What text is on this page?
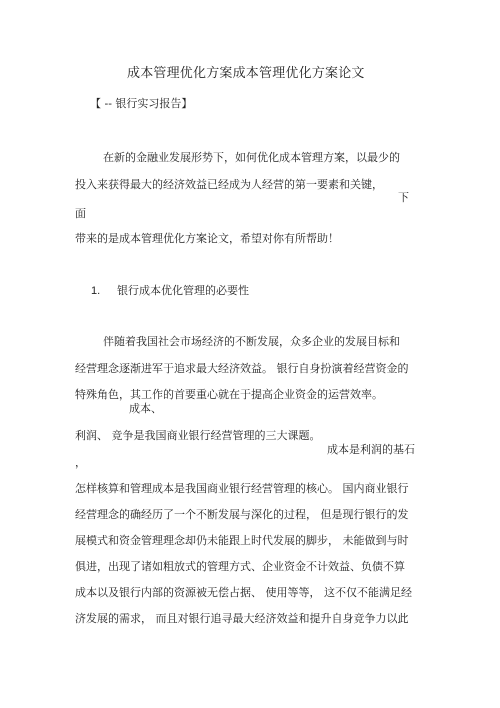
成本管理优化方案成本管理优化方案论文

【 -- 银行实习报告】

在新的金融业发展形势下，如何优化成本管理方案，以最少的

投入来获得最大的经济效益已经成为人经营的第一要素和关键，

下

面

带来的是成本管理优化方案论文，希望对你有所帮助！

1. 银行成本优化管理的必要性

伴随着我国社会市场经济的不断发展，众多企业的发展目标和

经营理念逐渐进军于追求最大经济效益。 银行自身扮演着经营资金的

特殊角色，其工作的首要重心就在于提高企业资金的运营效率。

成本、

利润、 竞争是我国商业银行经营管理的三大课题。

成本是利润的基石

，

怎样核算和管理成本是我国商业银行经营管理的核心。 国内商业银行

经营理念的确经历了一个不断发展与深化的过程， 但是现行银行的发

展模式和资金管理理念却仍未能跟上时代发展的脚步， 未能做到与时

俱进，出现了诸如粗放式的管理方式、企业资金不计效益、负债不算

成本以及银行内部的资源被无偿占据、 使用等等， 这不仅不能满足经

济发展的需求， 而且对银行追寻最大经济效益和提升自身竞争力以此
